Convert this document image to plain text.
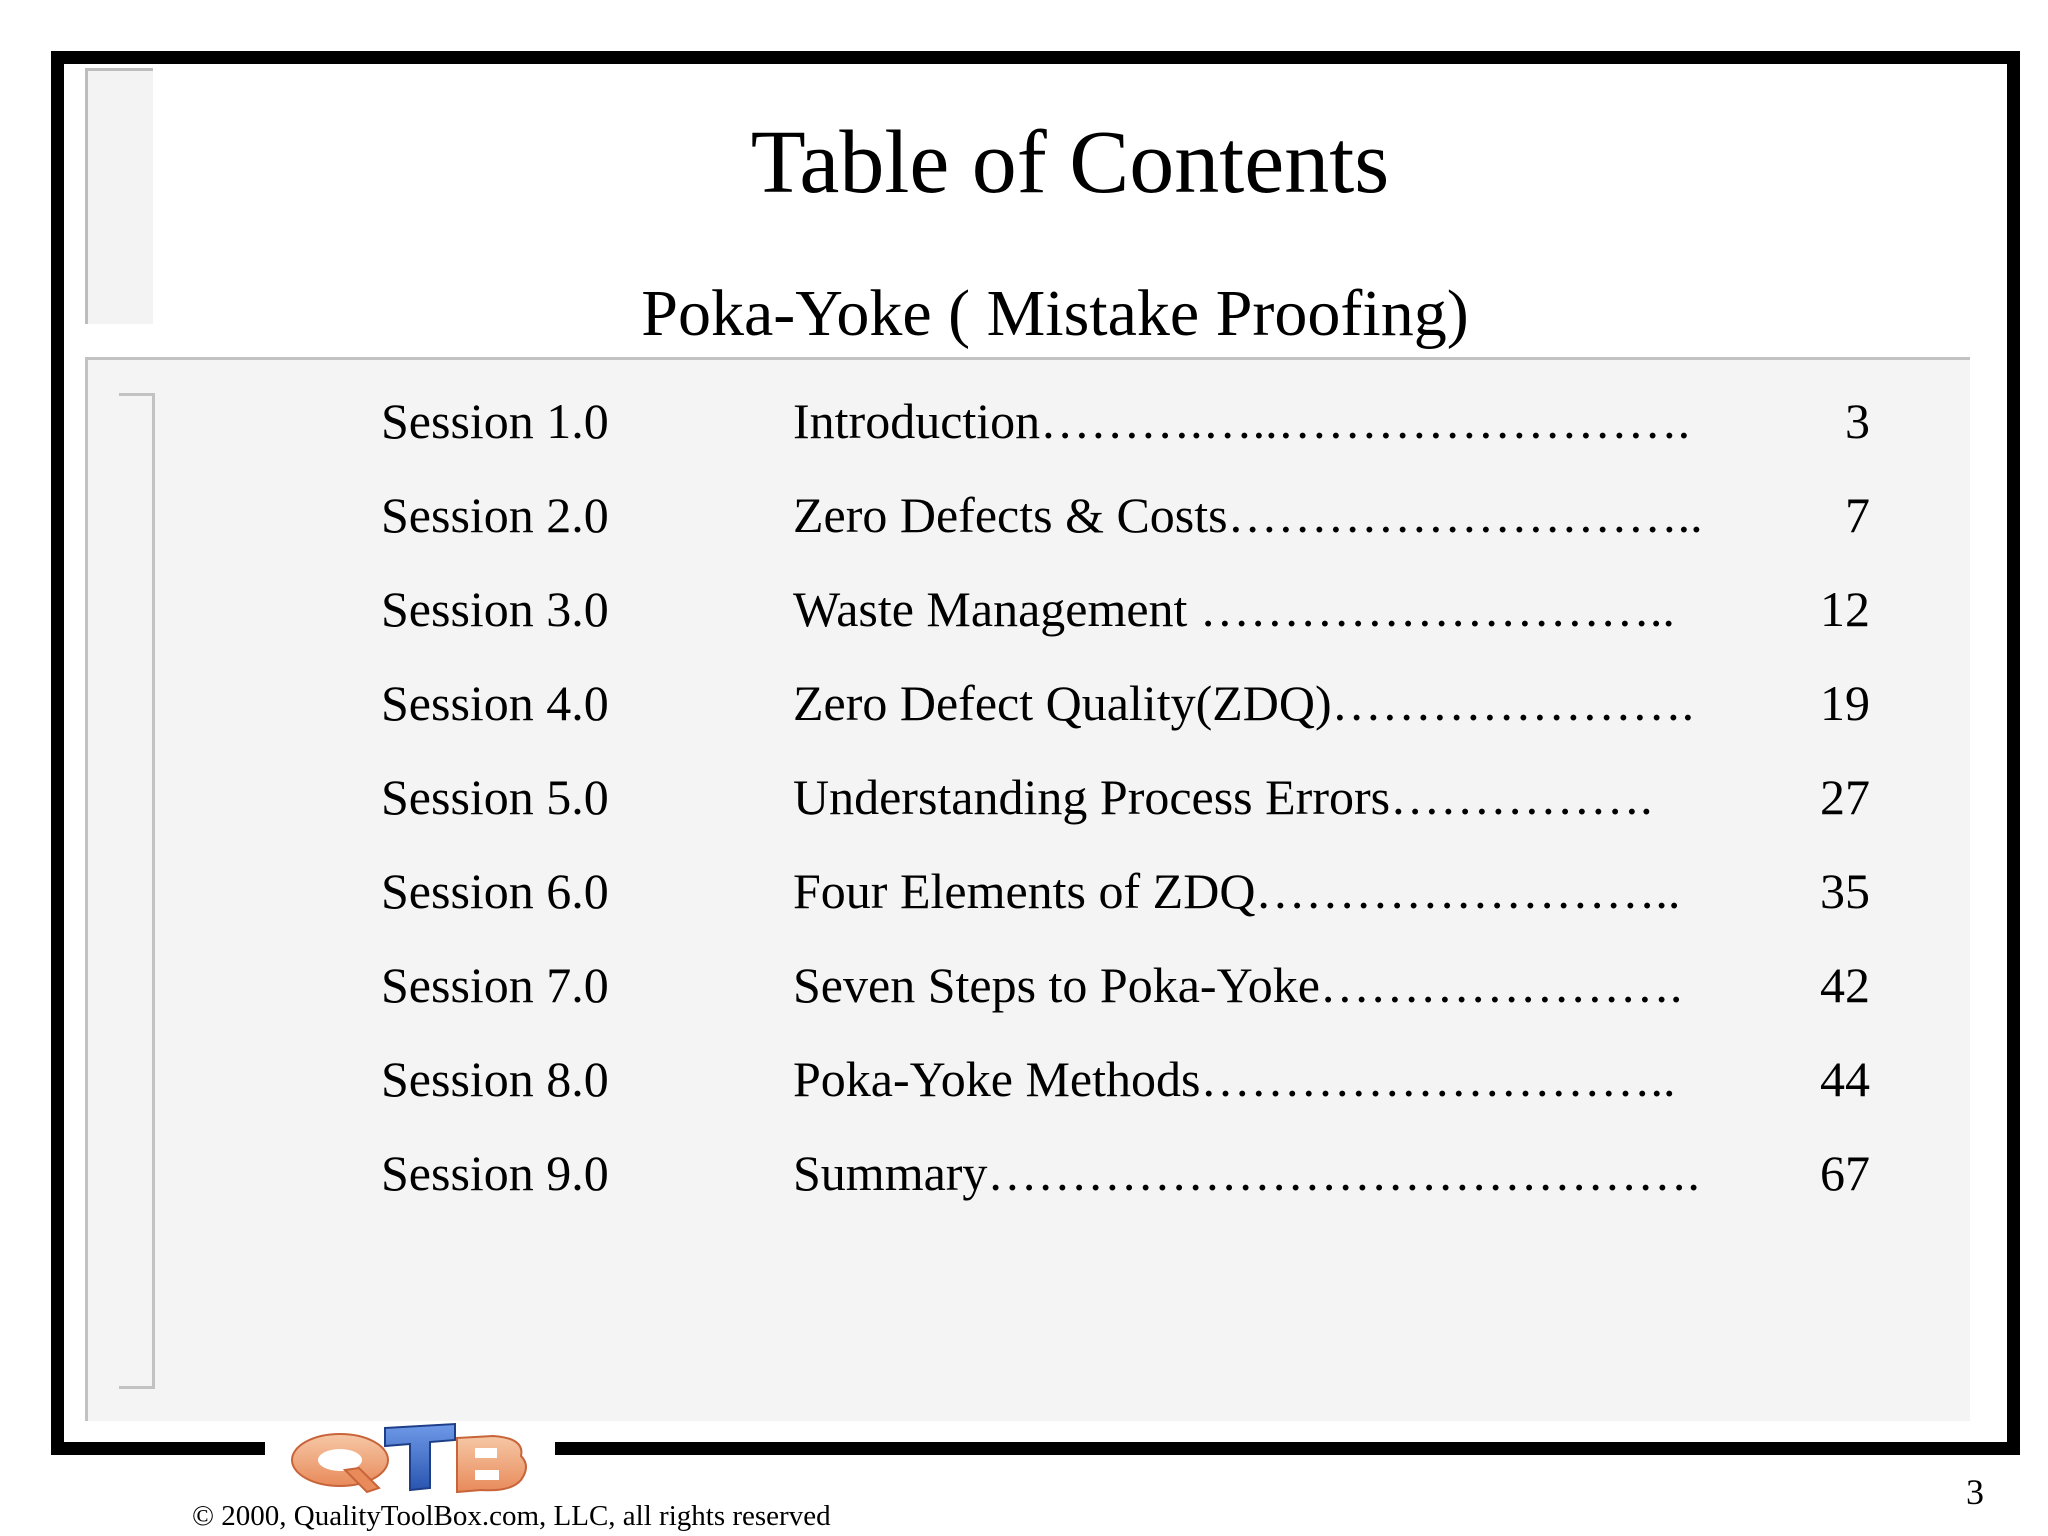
Table of Contents
Poka-Yoke ( Mistake Proofing)
Session 1.0	Introduction……….…..…………………….	3
Session 2.0	Zero Defects & Costs………………………..	7
Session 3.0	Waste Management ………………………..	12
Session 4.0	Zero Defect Quality(ZDQ)………………….	19
Session 5.0	Understanding Process Errors…………….	27
Session 6.0	Four Elements of ZDQ……………………..	35
Session 7.0	Seven Steps to Poka-Yoke………………….	42
Session 8.0	Poka-Yoke Methods………………………..	44
Session 9.0	Summary……………………………………. 67
© 2000, QualityToolBox.com, LLC, all rights reserved
3
